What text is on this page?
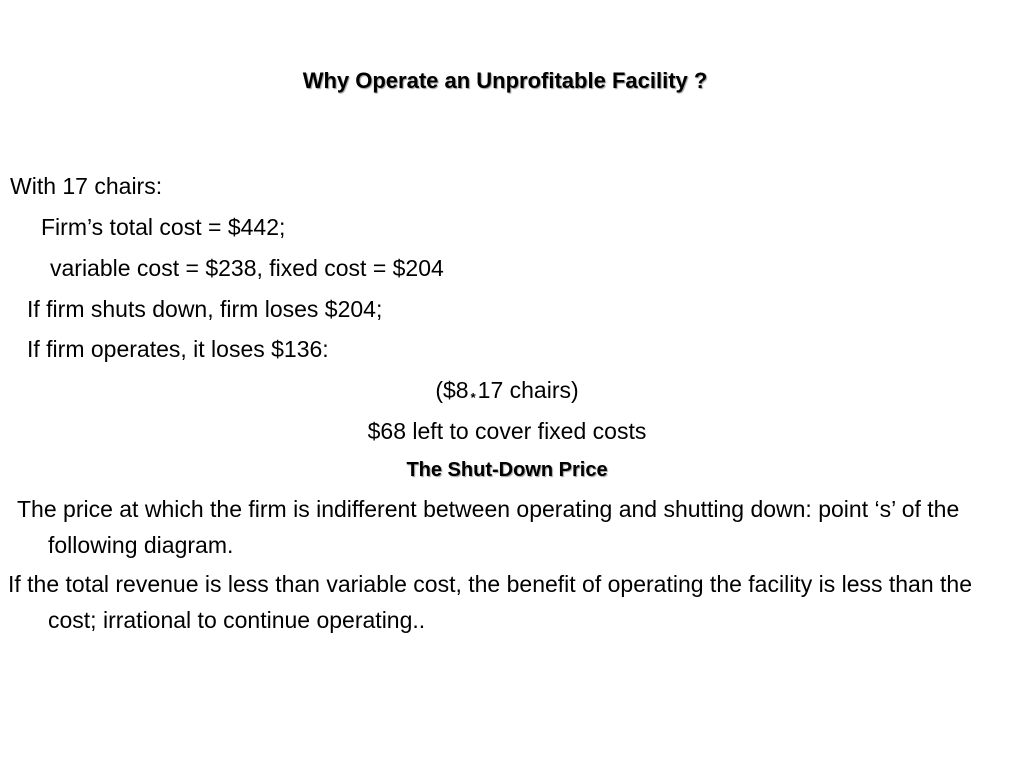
Why Operate an Unprofitable Facility ?
With 17 chairs:
Firm’s total cost = $442;
variable cost = $238, fixed cost = $204
If firm shuts down, firm loses $204;
If firm operates, it loses $136:
($8 *17 chairs)
$68 left to cover fixed costs
The Shut-Down Price
The price at which the firm is indifferent between operating and shutting down: point ‘s’ of the following diagram.
If the total revenue is less than variable cost, the benefit of operating the facility is less than the cost; irrational to continue operating..
